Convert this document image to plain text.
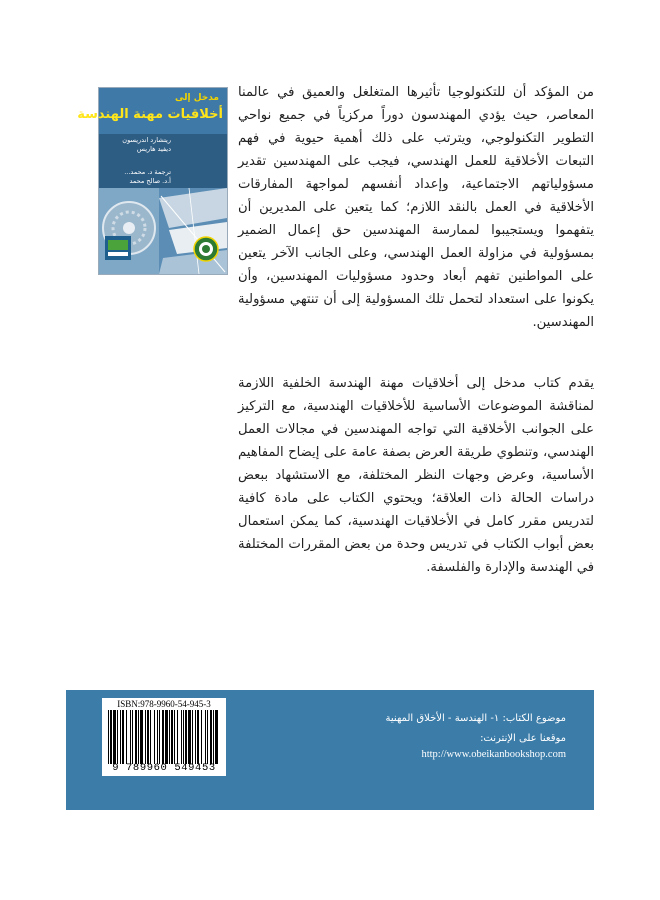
مدخل إلى
أخلاقيات مهنة الهندسة
ريتشارد اندريسون
ديفيد هاريس
ترجمة د. محمد...
أ.د. صالح محمد

من المؤكد أن للتكنولوجيا تأثيرها المتغلغل والعميق في عالمنا المعاصر، حيث يؤدي المهندسون دوراً مركزياً في جميع نواحي التطوير التكنولوجي، ويترتب على ذلك أهمية حيوية في فهم التبعات الأخلاقية للعمل الهندسي، فيجب على المهندسين تقدير مسؤولياتهم الاجتماعية، وإعداد أنفسهم لمواجهة المفارقات الأخلاقية في العمل بالنقد اللازم؛ كما يتعين على المديرين أن يتفهموا ويستجيبوا لممارسة المهندسين حق إعمال الضمير بمسؤولية في مزاولة العمل الهندسي، وعلى الجانب الآخر يتعين على المواطنين تفهم أبعاد وحدود مسؤوليات المهندسين، وأن يكونوا على استعداد لتحمل تلك المسؤولية إلى أن تنتهي مسؤولية المهندسين.

يقدم كتاب مدخل إلى أخلاقيات مهنة الهندسة الخلفية اللازمة لمناقشة الموضوعات الأساسية للأخلاقيات الهندسية، مع التركيز على الجوانب الأخلاقية التي تواجه المهندسين في مجالات العمل الهندسي، وتنطوي طريقة العرض بصفة عامة على إيضاح المفاهيم الأساسية، وعرض وجهات النظر المختلفة، مع الاستشهاد ببعض دراسات الحالة ذات العلاقة؛ ويحتوي الكتاب على مادة كافية لتدريس مقرر كامل في الأخلاقيات الهندسية، كما يمكن استعمال بعض أبواب الكتاب في تدريس وحدة من بعض المقررات المختلفة في الهندسة والإدارة والفلسفة.

ISBN:978-9960-54-945-3
9 789960 549453
موضوع الكتاب: ١- الهندسة - الأخلاق المهنية
موقعنا على الإنترنت:
http://www.obeikanbookshop.com
